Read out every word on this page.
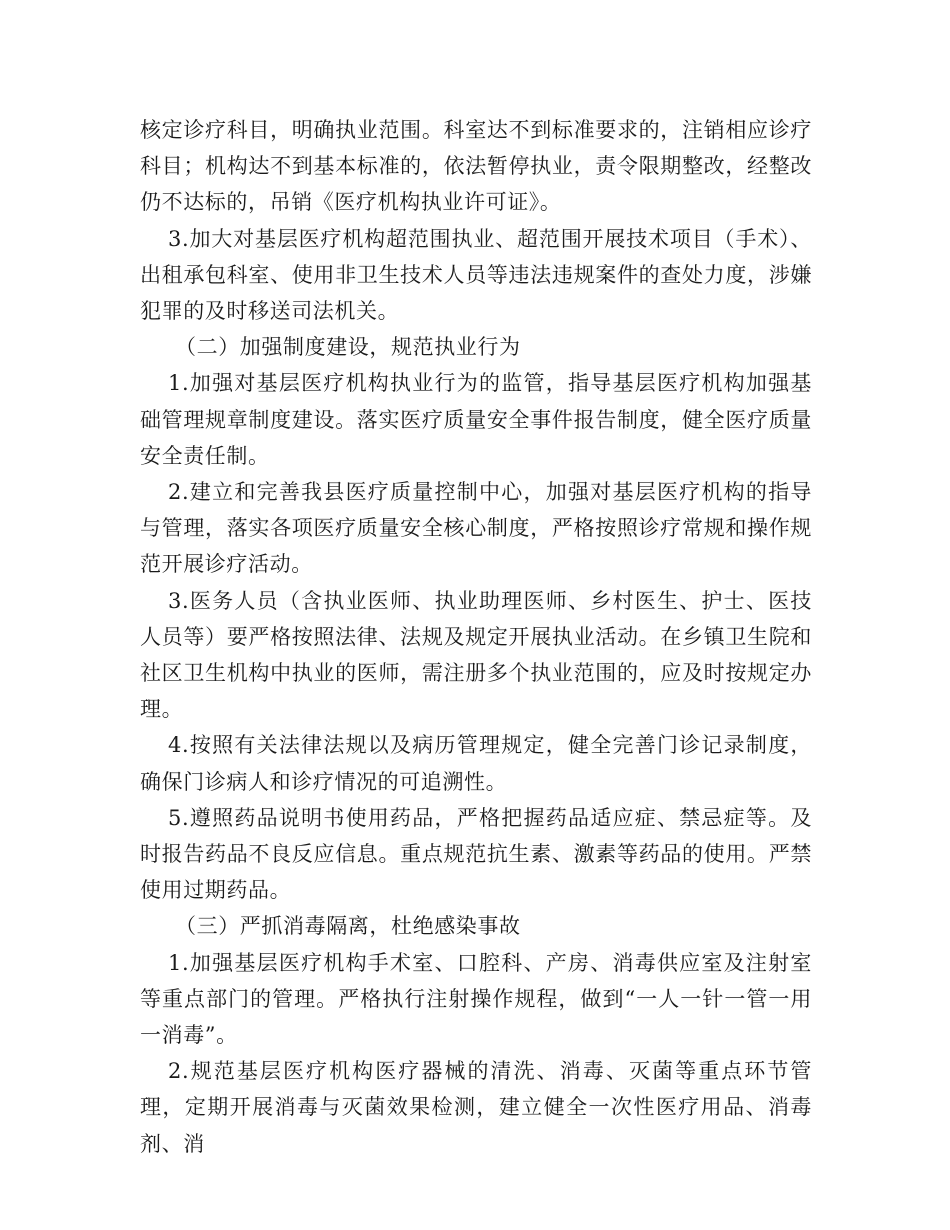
核定诊疗科目，明确执业范围。科室达不到标准要求的，注销相应诊疗科目；机构达不到基本标准的，依法暂停执业，责令限期整改，经整改仍不达标的，吊销《医疗机构执业许可证》。

3.加大对基层医疗机构超范围执业、超范围开展技术项目（手术）、出租承包科室、使用非卫生技术人员等违法违规案件的查处力度，涉嫌犯罪的及时移送司法机关。

（二）加强制度建设，规范执业行为

1.加强对基层医疗机构执业行为的监管，指导基层医疗机构加强基础管理规章制度建设。落实医疗质量安全事件报告制度，健全医疗质量安全责任制。

2.建立和完善我县医疗质量控制中心，加强对基层医疗机构的指导与管理，落实各项医疗质量安全核心制度，严格按照诊疗常规和操作规范开展诊疗活动。

3.医务人员（含执业医师、执业助理医师、乡村医生、护士、医技人员等）要严格按照法律、法规及规定开展执业活动。在乡镇卫生院和社区卫生机构中执业的医师，需注册多个执业范围的，应及时按规定办理。

4.按照有关法律法规以及病历管理规定，健全完善门诊记录制度，确保门诊病人和诊疗情况的可追溯性。

5.遵照药品说明书使用药品，严格把握药品适应症、禁忌症等。及时报告药品不良反应信息。重点规范抗生素、激素等药品的使用。严禁使用过期药品。

（三）严抓消毒隔离，杜绝感染事故

1.加强基层医疗机构手术室、口腔科、产房、消毒供应室及注射室等重点部门的管理。严格执行注射操作规程，做到“一人一针一管一用一消毒”。

2.规范基层医疗机构医疗器械的清洗、消毒、灭菌等重点环节管理，定期开展消毒与灭菌效果检测，建立健全一次性医疗用品、消毒剂、消
